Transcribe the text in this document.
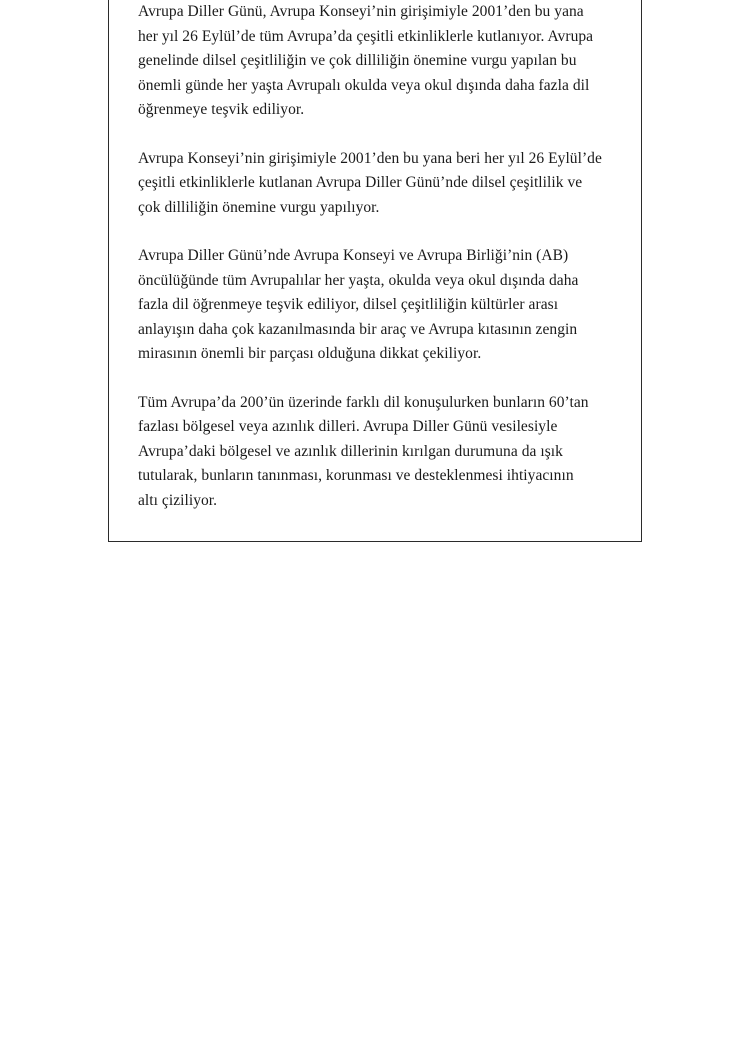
Avrupa Diller Günü, Avrupa Konseyi’nin girişimiyle 2001’den bu yana
her yıl 26 Eylül’de tüm Avrupa’da çeşitli etkinliklerle kutlanıyor. Avrupa
genelinde dilsel çeşitliliğin ve çok dilliliğin önemine vurgu yapılan bu
önemli günde her yaşta Avrupalı okulda veya okul dışında daha fazla dil
öğrenmeye teşvik ediliyor.

Avrupa Konseyi’nin girişimiyle 2001’den bu yana beri her yıl 26 Eylül’de
çeşitli etkinliklerle kutlanan Avrupa Diller Günü’nde dilsel çeşitlilik ve
çok dilliliğin önemine vurgu yapılıyor.

Avrupa Diller Günü’nde Avrupa Konseyi ve Avrupa Birliği’nin (AB)
öncülüğünde tüm Avrupalılar her yaşta, okulda veya okul dışında daha
fazla dil öğrenmeye teşvik ediliyor, dilsel çeşitliliğin kültürler arası
anlayışın daha çok kazanılmasında bir araç ve Avrupa kıtasının zengin
mirasının önemli bir parçası olduğuna dikkat çekiliyor.

Tüm Avrupa’da 200’ün üzerinde farklı dil konuşulurken bunların 60’tan
fazlası bölgesel veya azınlık dilleri. Avrupa Diller Günü vesilesiyle
Avrupa’daki bölgesel ve azınlık dillerinin kırılgan durumuna da ışık
tutularak, bunların tanınması, korunması ve desteklenmesi ihtiyacının
altı çiziliyor.
